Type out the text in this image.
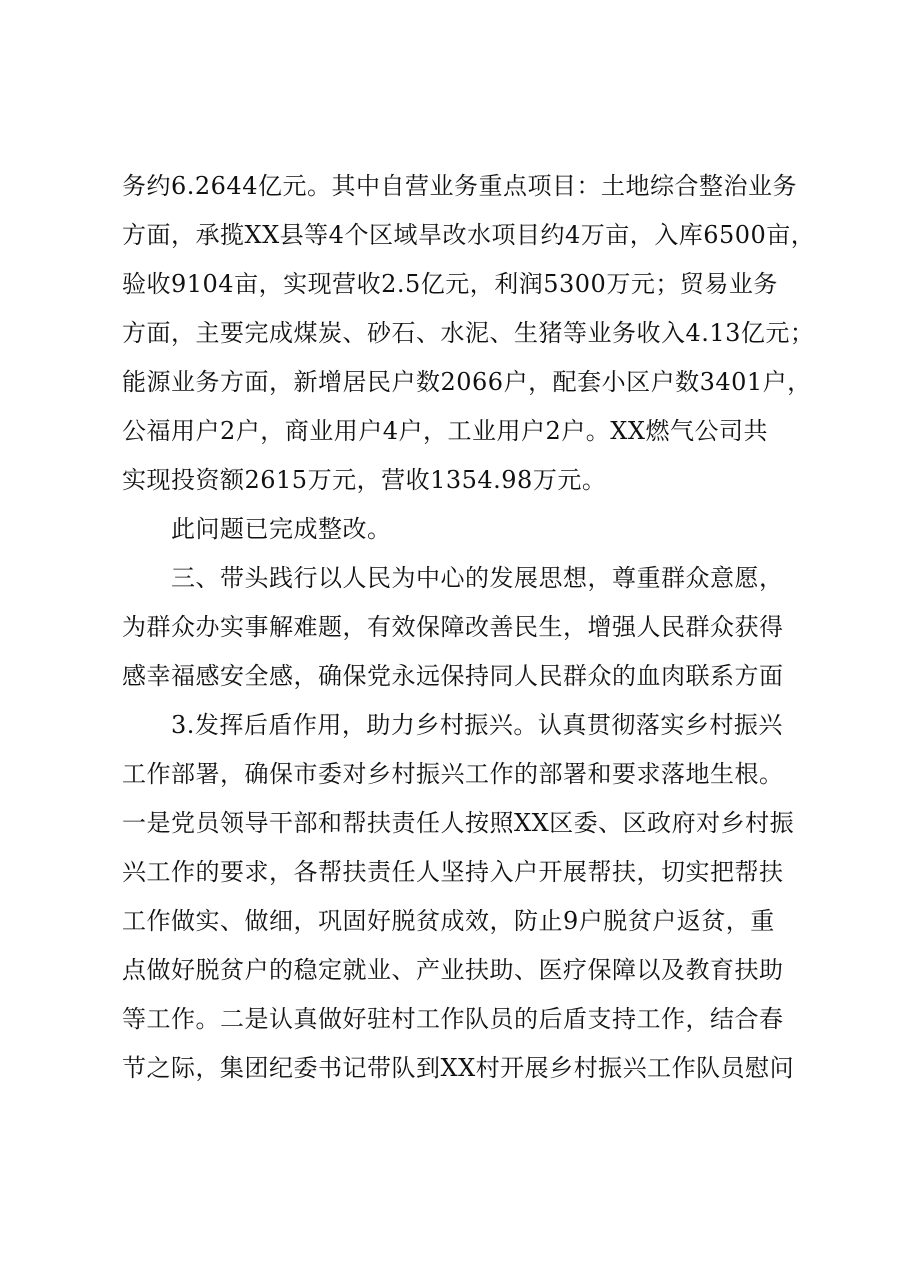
务约6.2644亿元。其中自营业务重点项目：土地综合整治业务
方面，承揽XX县等4个区域旱改水项目约4万亩，入库6500亩，
验收9104亩，实现营收2.5亿元，利润5300万元；贸易业务
方面，主要完成煤炭、砂石、水泥、生猪等业务收入4.13亿元；
能源业务方面，新增居民户数2066户，配套小区户数3401户，
公福用户2户，商业用户4户，工业用户2户。XX燃气公司共
实现投资额2615万元，营收1354.98万元。
　　此问题已完成整改。
　　三、带头践行以人民为中心的发展思想，尊重群众意愿，
为群众办实事解难题，有效保障改善民生，增强人民群众获得
感幸福感安全感，确保党永远保持同人民群众的血肉联系方面
　　3.发挥后盾作用，助力乡村振兴。认真贯彻落实乡村振兴
工作部署，确保市委对乡村振兴工作的部署和要求落地生根。
一是党员领导干部和帮扶责任人按照XX区委、区政府对乡村振
兴工作的要求，各帮扶责任人坚持入户开展帮扶，切实把帮扶
工作做实、做细，巩固好脱贫成效，防止9户脱贫户返贫，重
点做好脱贫户的稳定就业、产业扶助、医疗保障以及教育扶助
等工作。二是认真做好驻村工作队员的后盾支持工作，结合春
节之际，集团纪委书记带队到XX村开展乡村振兴工作队员慰问
